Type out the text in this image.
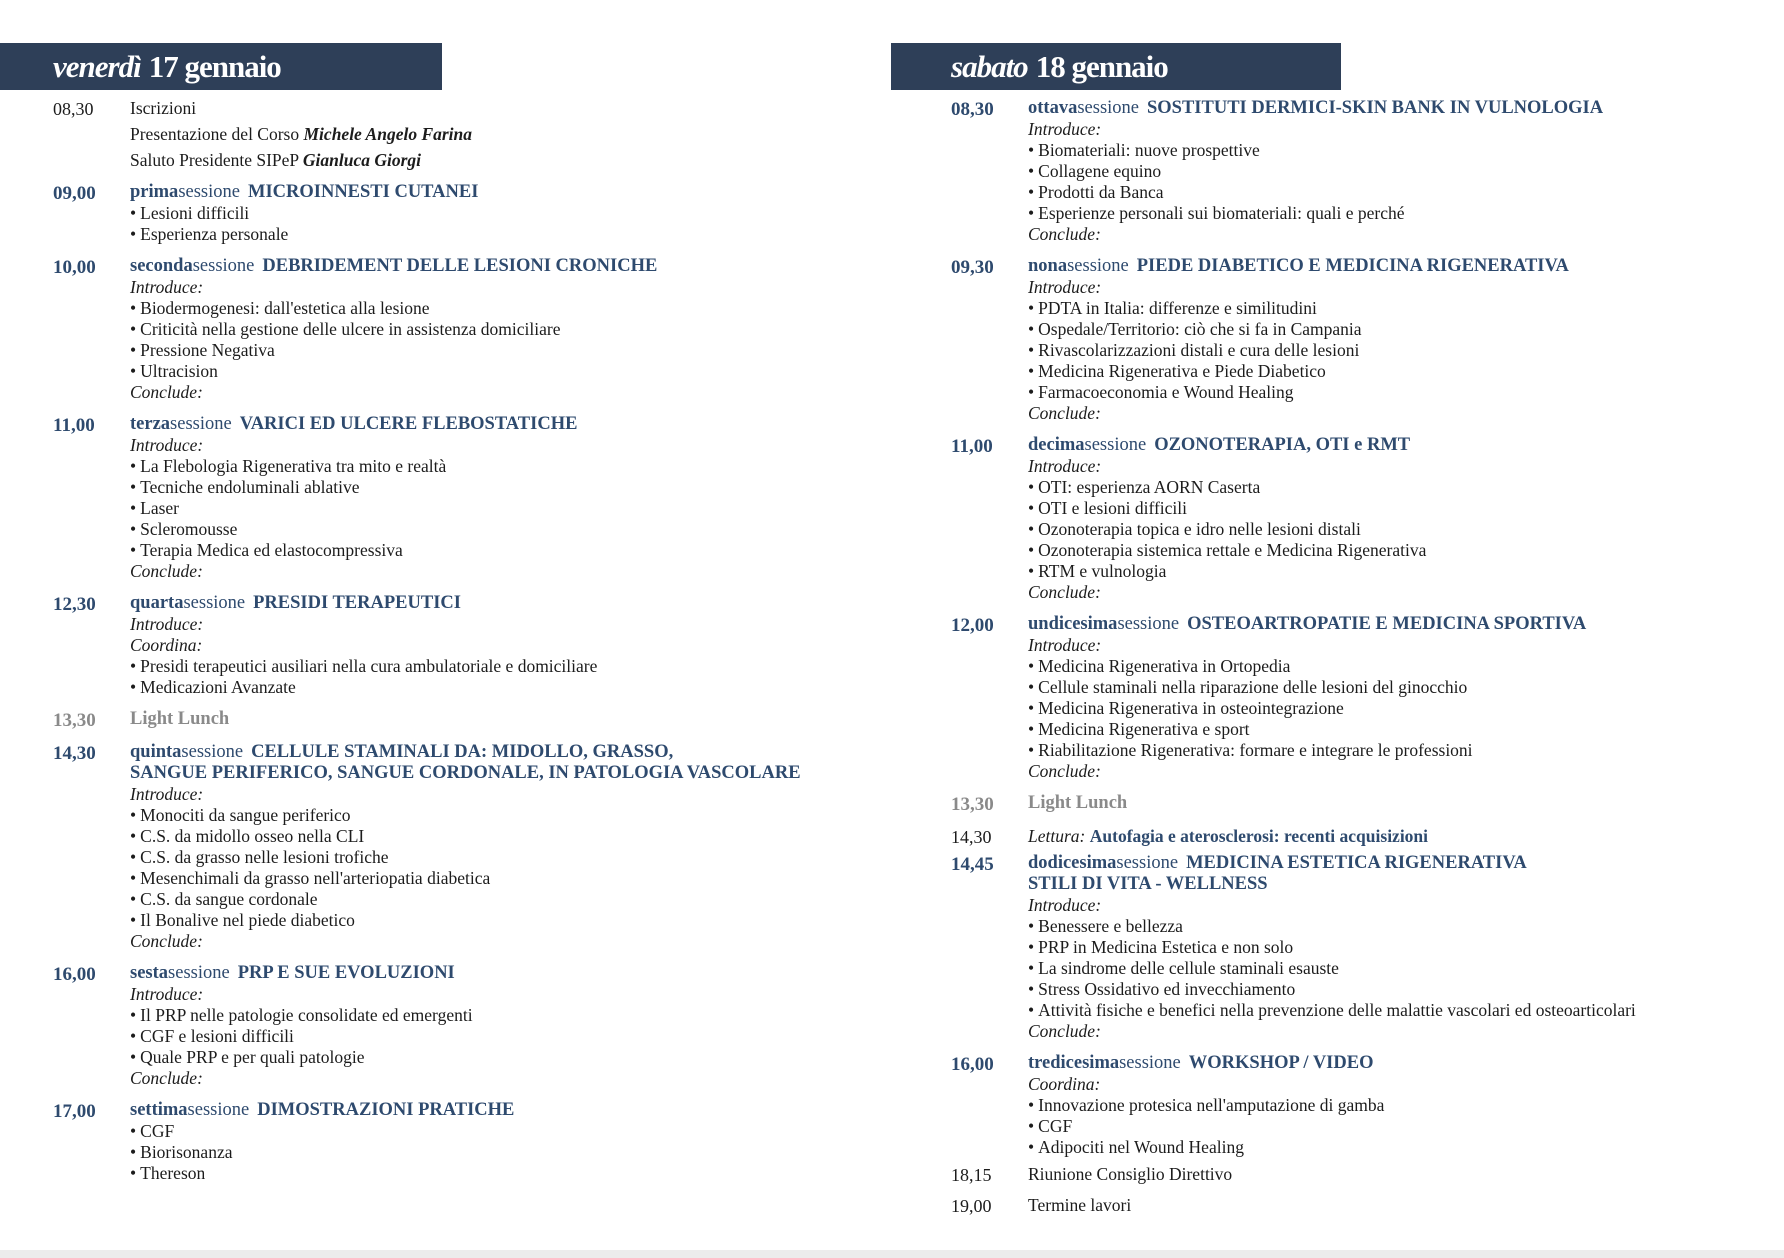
venerdì 17 gennaio
08,30	Iscrizioni
Presentazione del Corso Michele Angelo Farina
Saluto Presidente SIPeP Gianluca Giorgi
09,00	primasessione MICROINNESTI CUTANEI
• Lesioni difficili
• Esperienza personale
10,00	secondasessione DEBRIDEMENT DELLE LESIONI CRONICHE
Introduce:
• Biodermogenesi: dall'estetica alla lesione
• Criticità nella gestione delle ulcere in assistenza domiciliare
• Pressione Negativa
• Ultracision
Conclude:
11,00	terzasessione VARICI ED ULCERE FLEBOSTATICHE
Introduce:
• La Flebologia Rigenerativa tra mito e realtà
• Tecniche endoluminali ablative
• Laser
• Scleromousse
• Terapia Medica ed elastocompressiva
Conclude:
12,30	quartasessione PRESIDI TERAPEUTICI
Introduce:
Coordina:
• Presidi terapeutici ausiliari nella cura ambulatoriale e domiciliare
• Medicazioni Avanzate
13,30	Light Lunch
14,30	quintasessione CELLULE STAMINALI DA: MIDOLLO, GRASSO,
SANGUE PERIFERICO, SANGUE CORDONALE, IN PATOLOGIA VASCOLARE
Introduce:
• Monociti da sangue periferico
• C.S. da midollo osseo nella CLI
• C.S. da grasso nelle lesioni trofiche
• Mesenchimali da grasso nell'arteriopatia diabetica
• C.S. da sangue cordonale
• Il Bonalive nel piede diabetico
Conclude:
16,00	sestasessione PRP E SUE EVOLUZIONI
Introduce:
• Il PRP nelle patologie consolidate ed emergenti
• CGF e lesioni difficili
• Quale PRP e per quali patologie
Conclude:
17,00	settimasessione DIMOSTRAZIONI PRATICHE
• CGF
• Biorisonanza
• Thereson
sabato 18 gennaio
08,30	ottavasessione SOSTITUTI DERMICI-SKIN BANK IN VULNOLOGIA
Introduce:
• Biomateriali: nuove prospettive
• Collagene equino
• Prodotti da Banca
• Esperienze personali sui biomateriali: quali e perché
Conclude:
09,30	nonasessione PIEDE DIABETICO E MEDICINA RIGENERATIVA
Introduce:
• PDTA in Italia: differenze e similitudini
• Ospedale/Territorio: ciò che si fa in Campania
• Rivascolarizzazioni distali e cura delle lesioni
• Medicina Rigenerativa e Piede Diabetico
• Farmacoeconomia e Wound Healing
Conclude:
11,00	decimasessione OZONOTERAPIA, OTI e RMT
Introduce:
• OTI: esperienza AORN Caserta
• OTI e lesioni difficili
• Ozonoterapia topica e idro nelle lesioni distali
• Ozonoterapia sistemica rettale e Medicina Rigenerativa
• RTM e vulnologia
Conclude:
12,00	undicesimasessione OSTEOARTROPATIE E MEDICINA SPORTIVA
Introduce:
• Medicina Rigenerativa in Ortopedia
• Cellule staminali nella riparazione delle lesioni del ginocchio
• Medicina Rigenerativa in osteointegrazione
• Medicina Rigenerativa e sport
• Riabilitazione Rigenerativa: formare e integrare le professioni
Conclude:
13,30	Light Lunch
14,30	Lettura: Autofagia e aterosclerosi: recenti acquisizioni
14,45	dodicesimasessione MEDICINA ESTETICA RIGENERATIVA
STILI DI VITA - WELLNESS
Introduce:
• Benessere e bellezza
• PRP in Medicina Estetica e non solo
• La sindrome delle cellule staminali esauste
• Stress Ossidativo ed invecchiamento
• Attività fisiche e benefici nella prevenzione delle malattie vascolari ed osteoarticolari
Conclude:
16,00	tredicesimasessione WORKSHOP / VIDEO
Coordina:
• Innovazione protesica nell'amputazione di gamba
• CGF
• Adipociti nel Wound Healing
18,15	Riunione Consiglio Direttivo
19,00	Termine lavori
